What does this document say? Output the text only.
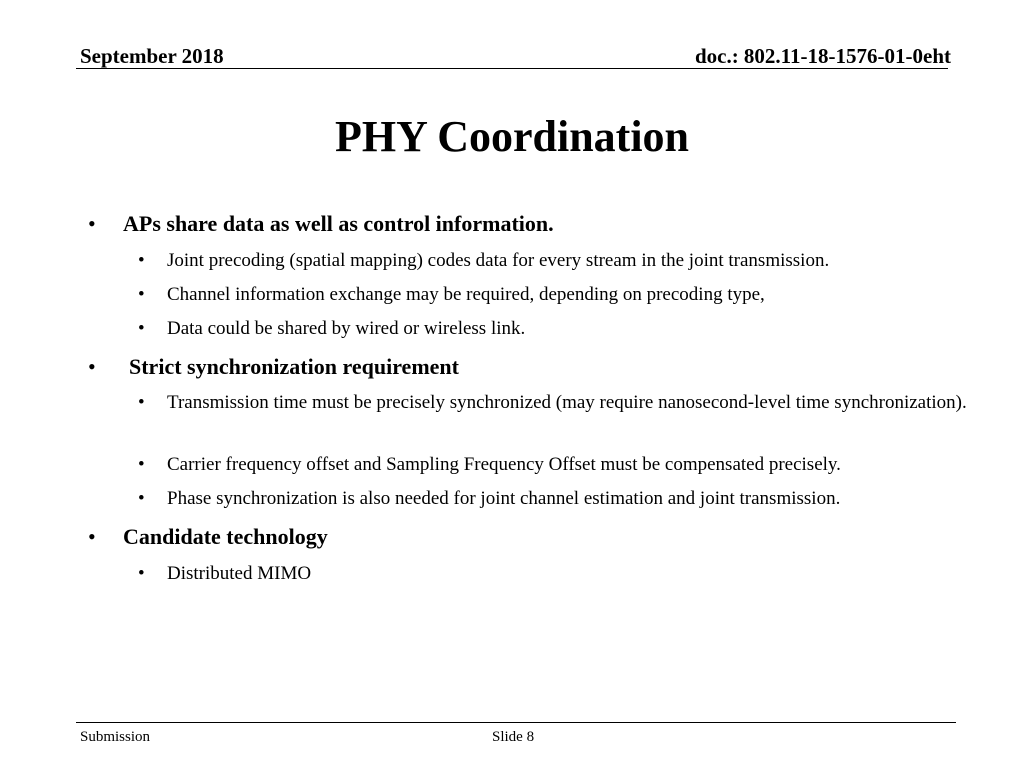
September 2018	doc.: 802.11-18-1576-01-0eht
PHY Coordination
• APs share data as well as control information.
• Joint precoding (spatial mapping) codes data for every stream in the joint transmission.
• Channel information exchange may be required, depending on precoding type,
• Data could be shared by wired or wireless link.
• Strict synchronization requirement
• Transmission time must be precisely synchronized (may require nanosecond-level time synchronization).
• Carrier frequency offset and Sampling Frequency Offset must be compensated precisely.
• Phase synchronization is also needed for joint channel estimation and joint transmission.
• Candidate technology
• Distributed MIMO
Submission	Slide 8
